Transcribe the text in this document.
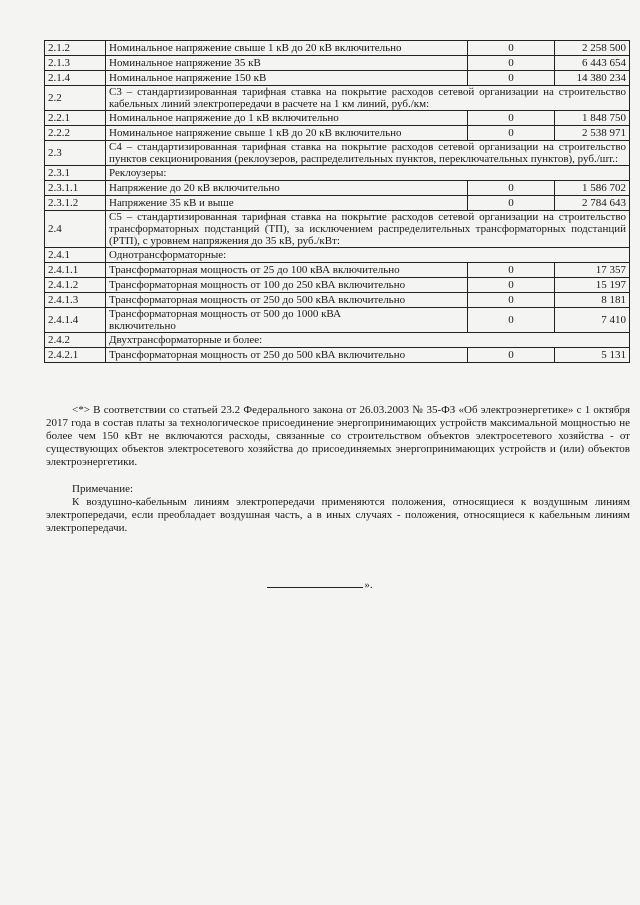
2.1.2	Номинальное напряжение свыше 1 кВ до 20 кВ включительно	0	2 258 500
2.1.3	Номинальное напряжение 35 кВ	0	6 443 654
2.1.4	Номинальное напряжение 150 кВ	0	14 380 234
2.2	С3 – стандартизированная тарифная ставка на покрытие расходов сетевой организации на строительство кабельных линий электропередачи в расчете на 1 км линий, руб./км:		
2.2.1	Номинальное напряжение до 1 кВ включительно	0	1 848 750
2.2.2	Номинальное напряжение свыше 1 кВ до 20 кВ включительно	0	2 538 971
2.3	С4 – стандартизированная тарифная ставка на покрытие расходов сетевой организации на строительство пунктов секционирования (реклоузеров, распределительных пунктов, переключательных пунктов), руб./шт.:		
2.3.1	Реклоузеры:		
2.3.1.1	Напряжение до 20 кВ включительно	0	1 586 702
2.3.1.2	Напряжение 35 кВ и выше	0	2 784 643
2.4	С5 – стандартизированная тарифная ставка на покрытие расходов сетевой организации на строительство трансформаторных подстанций (ТП), за исключением распределительных трансформаторных подстанций (РТП), с уровнем напряжения до 35 кВ, руб./кВт:		
2.4.1	Однотрансформаторные:		
2.4.1.1	Трансформаторная мощность от 25 до 100 кВА включительно	0	17 357
2.4.1.2	Трансформаторная мощность от 100 до 250 кВА включительно	0	15 197
2.4.1.3	Трансформаторная мощность от 250 до 500 кВА включительно	0	8 181
2.4.1.4	Трансформаторная мощность от 500 до 1000 кВА включительно	0	7 410
2.4.2	Двухтрансформаторные и более:		
2.4.2.1	Трансформаторная мощность от 250 до 500 кВА включительно	0	5 131

<*> В соответствии со статьей 23.2 Федерального закона от 26.03.2003 № 35-ФЗ «Об электроэнергетике» с 1 октября 2017 года в состав платы за технологическое присоединение энергопринимающих устройств максимальной мощностью не более чем 150 кВт не включаются расходы, связанные со строительством объектов электросетевого хозяйства - от существующих объектов электросетевого хозяйства до присоединяемых энергопринимающих устройств и (или) объектов электроэнергетики.

Примечание:

К воздушно-кабельным линиям электропередачи применяются положения, относящиеся к воздушным линиям электропередачи, если преобладает воздушная часть, а в иных случаях - положения, относящиеся к кабельным линиям электропередачи.

».
